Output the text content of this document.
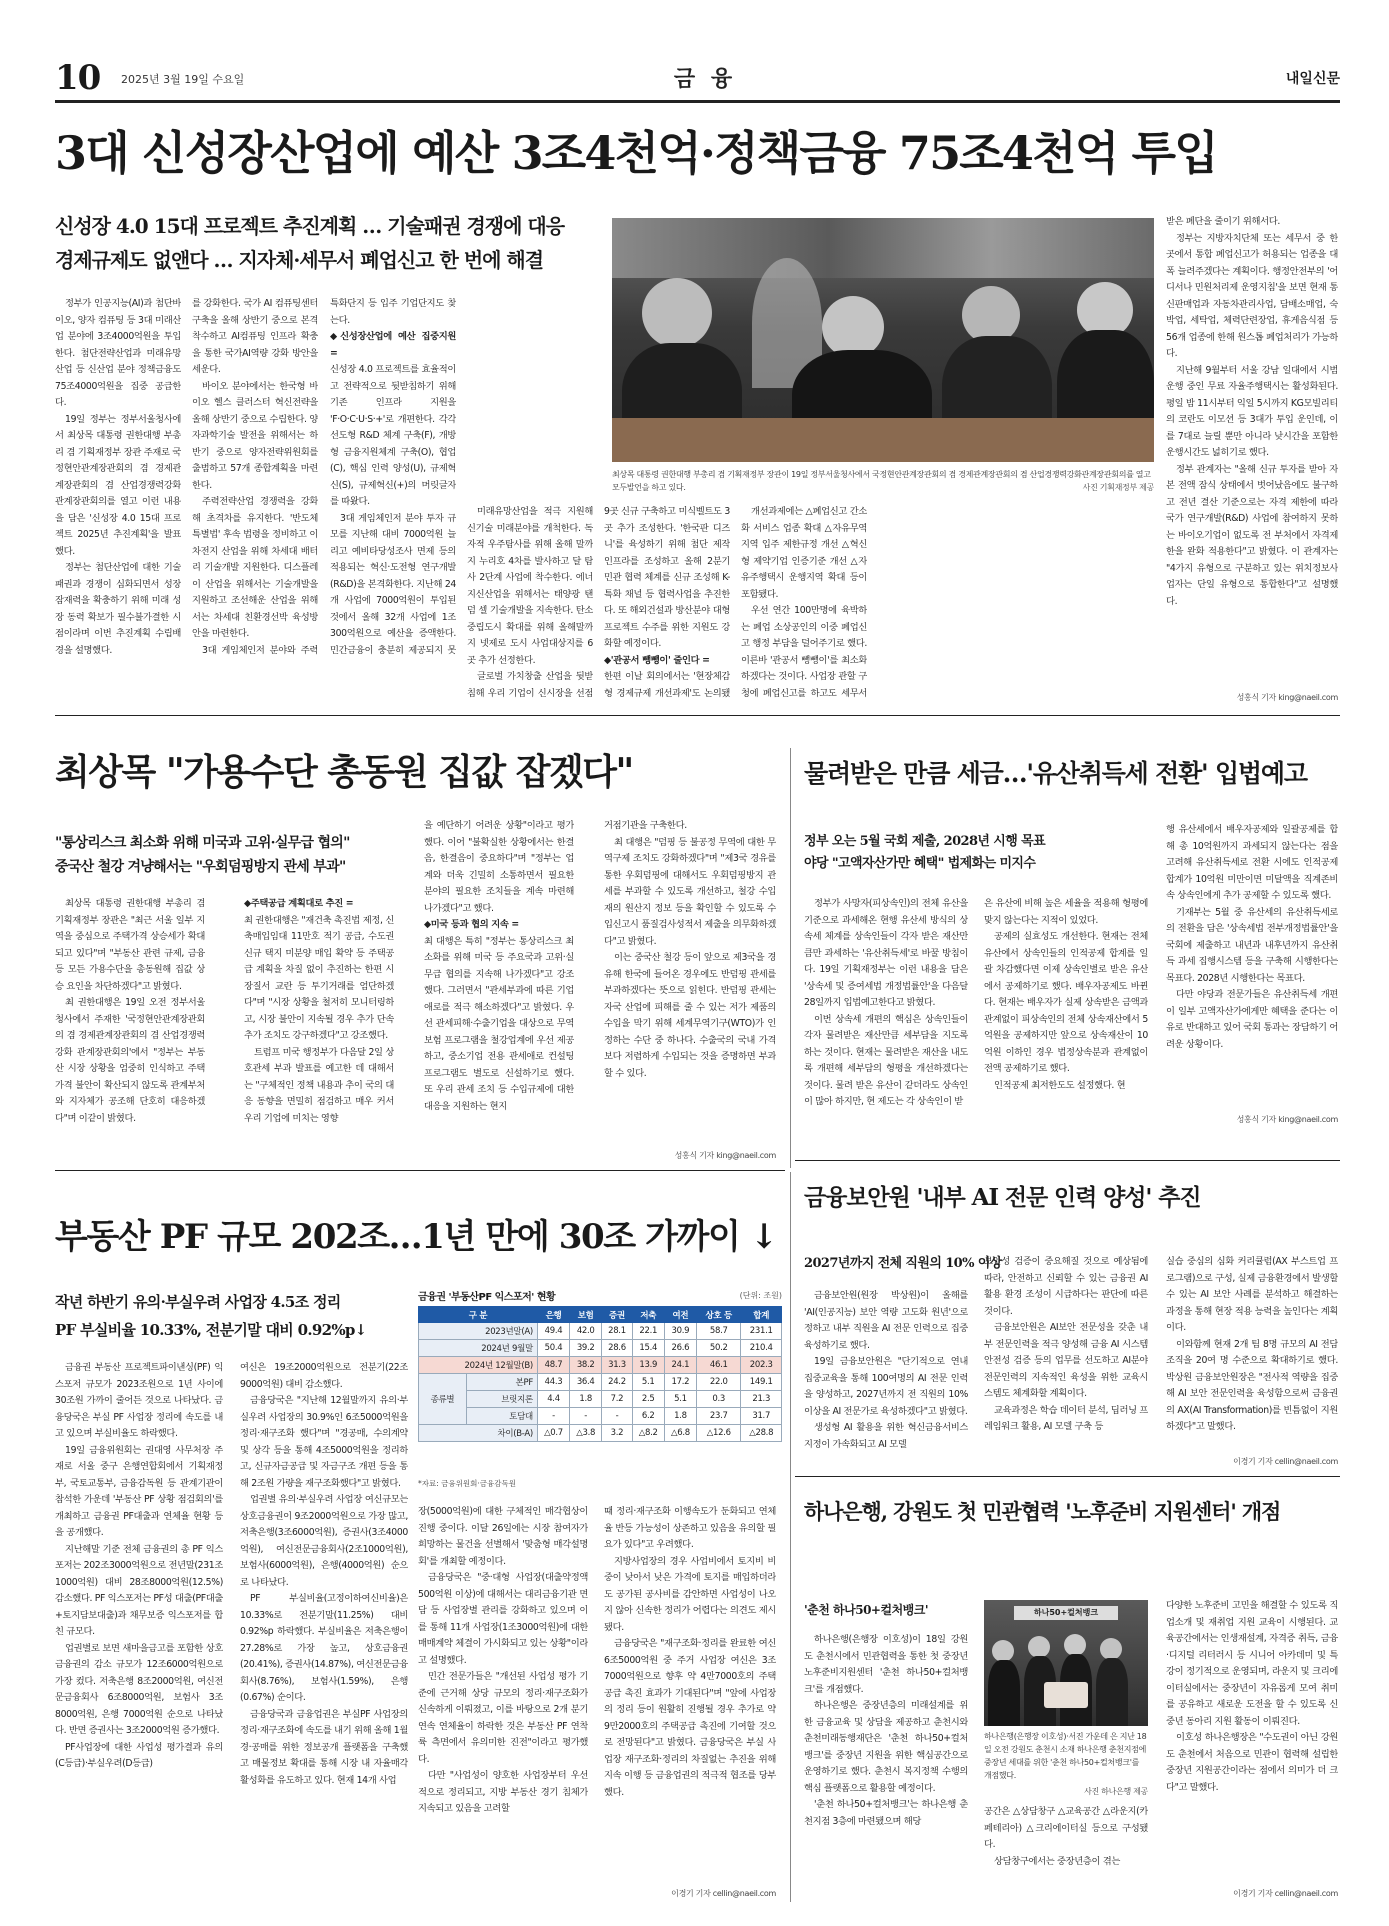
10 2025년 3월 19일 수요일	금 융	내일신문
3대 신성장산업에 예산 3조4천억·정책금융 75조4천억 투입
신성장 4.0 15대 프로젝트 추진계획 … 기술패권 경쟁에 대응
경제규제도 없앤다 … 지자체·세무서 폐업신고 한 번에 해결
최상목 대통령 권한대행 부총리 겸 기획재정부 장관이 19일 정부서울청사에서 국정현안관계장관회의 겸 경제관계장관회의 겸 산업경쟁력강화관계장관회의를 열고 모두발언을 하고 있다.	사진 기획재정부 제공

정부가 인공지능(AI)과 첨단바이오, 양자 컴퓨팅 등 3대 미래산업 분야에 3조4000억원을 투입한다. 첨단전략산업과 미래유망산업 등 신산업 분야 정책금융도 75조4000억원을 집중 공급한다.

19일 정부는 정부서울청사에서 최상목 대통령 권한대행 부총리 겸 기획재정부 장관 주재로 국정현안관계장관회의 겸 경제관계장관회의 겸 산업경쟁력강화 관계장관회의를 열고 이런 내용을 담은 '신성장 4.0 15대 프로젝트 2025년 추진계획'을 발표했다.

정부는 첨단산업에 대한 기술패권과 경쟁이 심화되면서 성장잠재력을 확충하기 위해 미래 성장 동력 확보가 필수불가결한 시점이라며 이번 추진계획 수립배경을 설명했다.

를 강화한다. 국가 AI 컴퓨팅센터 구축을 올해 상반기 중으로 본격 착수하고 AI컴퓨팅 인프라 확충을 통한 국가AI역량 강화 방안을 세운다.

바이오 분야에서는 한국형 바이오 헬스 클러스터 혁신전략을 올해 상반기 중으로 수립한다. 양자과학기술 발전을 위해서는 하반기 중으로 양자전략위원회를 출범하고 57개 종합계획을 마련한다.

주력전략산업 경쟁력을 강화해 초격차를 유지한다. '반도체 특별법' 후속 법령을 정비하고 이차전지 산업을 위해 차세대 배터리 기술개발 지원한다. 디스플레이 산업을 위해서는 기술개발을 지원하고 조선해운 산업을 위해서는 차세대 친환경선박 육성방안을 마련한다.

3대 게임체인저 분야와 주력

특화단지 등 입주 기업단지도 찾는다.

◆신성장산업에 예산 집중지원 =

신성장 4.0 프로젝트를 효율적이고 전략적으로 뒷받침하기 위해 기존 인프라 지원을 'F·O·C·U·S·+'로 개편한다. 각각 선도형 R&D 체계 구축(F), 개방형 금융지원체계 구축(O), 협업(C), 핵심 인력 양성(U), 규제혁신(S), 규제혁신(+)의 머릿글자를 따왔다.

3대 게임체인저 분야 투자 규모를 지난해 대비 7000억원 늘리고 예비타당성조사 면제 등의 적용되는 혁신·도전형 연구개발(R&D)을 본격화한다. 지난해 24개 사업에 7000억원이 투입된 것에서 올해 32개 사업에 1조300억원으로 예산을 증액한다. 민간금융이 충분히 제공되지 못

미래유망산업을 적극 지원해 신기술 미래분야를 개척한다. 독자적 우주탐사를 위해 올해 말까지 누리호 4차를 발사하고 달 탐사 2단계 사업에 착수한다. 에너지신산업을 위해서는 태양광 탠덤 셀 기술개발을 지속한다. 탄소중립도시 확대를 위해 올해말까지 넷제로 도시 사업대상지를 6곳 추가 선정한다.

글로벌 가치창출 산업을 뒷받침해 우리 기업이 신시장을 선점

9곳 신규 구축하고 미식벨트도 3곳 추가 조성한다. '한국판 디즈니'를 육성하기 위해 첨단 제작 인프라를 조성하고 올해 2분기 민관 협력 체계를 신규 조성해 K-특화 채널 등 협력사업을 추진한다. 또 해외건설과 방산분야 대형 프로젝트 수주를 위한 지원도 강화할 예정이다.

◆'관공서 뺑뺑이' 줄인다 =

한편 이날 회의에서는 '현장체감형 경제규제 개선과제'도 논의됐

개선과제에는 △폐업신고 간소화 서비스 업종 확대 △자유무역지역 입주 제한규정 개선 △혁신형 제약기업 인증기준 개선 △자유주행택시 운행지역 확대 등이 포함됐다.

우선 연간 100만명에 육박하는 폐업 소상공인의 이중 폐업신고 행정 부담을 덜어주기로 했다. 이른바 '관공서 뺑뺑이'를 최소화하겠다는 것이다. 사업장 관할 구청에 폐업신고를 하고도 세무서

받은 폐단을 줄이기 위해서다.

정부는 지방자치단체 또는 세무서 중 한 곳에서 통합 폐업신고가 허용되는 업종을 대폭 늘려주겠다는 계획이다. 행정안전부의 '어디서나 민원처리제 운영지침'을 보면 현재 통신판매업과 자동차관리사업, 담배소매업, 숙박업, 세탁업, 체력단련장업, 휴게음식점 등 56개 업종에 한해 원스톱 폐업처리가 가능하다.

지난해 9월부터 서울 강남 일대에서 시범 운행 중인 무료 자율주행택시는 활성화된다. 평일 밤 11시부터 익일 5시까지 KG모빌리티의 코란도 이모션 등 3대가 투입 운인데, 이를 7대로 늘릴 뿐만 아니라 낮시간을 포함한 운행시간도 넓히기로 했다.

정부 관계자는 "올해 신규 투자를 받아 자본 전액 잠식 상태에서 벗어났음에도 불구하고 전년 결산 기준으로는 자격 제한에 따라 국가 연구개발(R&D) 사업에 참여하지 못하는 바이오기업이 없도록 전 부처에서 자격제한을 완화 적용한다"고 밝혔다. 이 관계자는 "4가지 유형으로 구분하고 있는 위치정보사업자는 단일 유형으로 통합한다"고 설명했다.

성홍식 기자 king@naeil.com
최상목 "가용수단 총동원 집값 잡겠다"
"통상리스크 최소화 위해 미국과 고위·실무급 협의"
중국산 철강 겨냥해서는 "우회덤핑방지 관세 부과"

최상목 대통령 권한대행 부총리 겸 기획재정부 장관은 "최근 서울 일부 지역을 중심으로 주택가격 상승세가 확대되고 있다"며 "부동산 관련 규제, 금융 등 모든 가용수단을 총동원해 집값 상승 요인을 차단하겠다"고 밝혔다.

최 권한대행은 19일 오전 정부서울청사에서 주재한 '국정현안관계장관회의 겸 경제관계장관회의 겸 산업경쟁력강화 관계장관회의'에서 "정부는 부동산 시장 상황을 엄중히 인식하고 주택가격 불안이 확산되지 않도록 관계부처와 지자체가 공조해 단호히 대응하겠다"며 이같이 밝혔다.

◆주택공급 계획대로 추진 =

최 권한대행은 "재건축 촉진법 제정, 신축매입임대 11만호 적기 공급, 수도권 신규 택지 미분양 매입 확약 등 주택공급 계획을 차질 없이 추진하는 한편 시장질서 교란 등 투기거래를 엄단하겠다"며 "시장 상황을 철저히 모니터링하고, 시장 불안이 지속될 경우 추가 단속 추가 조치도 강구하겠다"고 강조했다.

트럼프 미국 행정부가 다음달 2일 상호관세 부과 발표를 예고한 데 대해서는 "구체적인 정책 내용과 추이 국의 대응 동향을 면밀히 점검하고 매우 커서 우리 기업에 미치는 영향

을 예단하기 어려운 상황"이라고 평가했다. 이어 "불확실한 상황에서는 한결음, 한결음이 중요하다"며 "정부는 업계와 더욱 긴밀히 소통하면서 필요한 분야의 필요한 조치들을 계속 마련해 나가겠다"고 했다.

◆미국 등과 협의 지속 =

최 대행은 특히 "정부는 통상리스크 최소화를 위해 미국 등 주요국과 고위·실무급 협의를 지속해 나가겠다"고 강조했다. 그러면서 "관세부과에 따른 기업 애로를 적극 해소하겠다"고 밝혔다. 우선 관세피해·수출기업을 대상으로 무역보험 프로그램을 철강업계에 우선 제공하고, 중소기업 전용 관세애로 컨설팅 프로그램도 별도로 신설하기로 했다. 또 우리 관세 조치 등 수입규제에 대한 대응을 지원하는 현지

거점기관을 구축한다.

최 대행은 "덤핑 등 불공정 무역에 대한 무역구제 조치도 강화하겠다"며 "제3국 경유를 통한 우회덤핑에 대해서도 우회덤핑방지 관세를 부과할 수 있도록 개선하고, 철강 수입재의 원산지 정보 등을 확인할 수 있도록 수입신고시 품질검사성적서 제출을 의무화하겠다"고 밝혔다.

이는 중국산 철강 등이 앞으로 제3국을 경유해 한국에 들어온 경우에도 반덤핑 관세를 부과하겠다는 뜻으로 읽힌다. 반덤핑 관세는 자국 산업에 피해를 줄 수 있는 저가 제품의 수입을 막기 위해 세계무역기구(WTO)가 인정하는 수단 중 하나다. 수출국의 국내 가격보다 저렴하게 수입되는 것을 증명하면 부과할 수 있다.

성홍식 기자 king@naeil.com
물려받은 만큼 세금…'유산취득세 전환' 입법예고
정부 오는 5월 국회 제출, 2028년 시행 목표
야당 "고액자산가만 혜택" 법제화는 미지수

정부가 사망자(피상속인)의 전체 유산을 기준으로 과세해온 현행 유산세 방식의 상속세 체계를 상속인들이 각자 받은 재산만큼만 과세하는 '유산취득세'로 바꿀 방침이다. 19일 기획재정부는 이런 내용을 담은 '상속세 및 증여세법 개정법률안'을 다음달 28일까지 입법예고한다고 밝혔다.

이번 상속세 개편의 핵심은 상속인들이 각자 물려받은 재산만큼 세부담을 지도록 하는 것이다. 현재는 물려받은 재산을 내도록 개편해 세부담의 형평을 개선하겠다는 것이다. 물려 받은 유산이 같더라도 상속인이 많아 하지만, 현 제도는 각 상속인이 받

은 유산에 비해 높은 세율을 적용해 형평에 맞지 않는다는 지적이 있었다.

공제의 실효성도 개선한다. 현재는 전체 유산에서 상속인들의 인적공제 합계를 일괄 차감했다면 이제 상속인별로 받은 유산에서 공제하기로 했다. 배우자공제도 바뀐다. 현재는 배우자가 실제 상속받은 금액과 관계없이 피상속인의 전체 상속재산에서 5억원을 공제하지만 앞으로 상속재산이 10억원 이하인 경우 법정상속분과 관계없이 전액 공제하기로 했다.

인적공제 최저한도도 설정했다. 현

행 유산세에서 배우자공제와 일괄공제를 합해 총 10억원까지 과세되지 않는다는 점을 고려해 유산취득세로 전환 시에도 인적공제 합계가 10억원 미만이면 미달액을 직계존비속 상속인에게 추가 공제할 수 있도록 했다.

기재부는 5월 중 유산세의 유산취득세로의 전환을 담은 '상속세법 전부개정법률안'을 국회에 제출하고 내년과 내후년까지 유산취득 과세 집행시스템 등을 구축해 시행한다는 목표다. 2028년 시행한다는 목표다.

다만 야당과 전문가들은 유산취득세 개편이 일부 고액자산가에게만 혜택을 준다는 이유로 반대하고 있어 국회 통과는 장담하기 어려운 상황이다.

성홍식 기자 king@naeil.com
부동산 PF 규모 202조…1년 만에 30조 가까이 ↓
작년 하반기 유의·부실우려 사업장 4.5조 정리
PF 부실비율 10.33%, 전분기말 대비 0.92%p↓
금융권 '부동산PF 익스포저' 현황	(단위: 조원)
구 분		은행	보험	증권	저축	여전	상호 등	합계
2023년말(A)		49.4	42.0	28.1	22.1	30.9	58.7	231.1
2024년 9월말		50.4	39.2	28.6	15.4	26.6	50.2	210.4
2024년 12월말(B)		48.7	38.2	31.3	13.9	24.1	46.1	202.3
종류별	본PF	44.3	36.4	24.2	5.1	17.2	22.0	149.1
	브릿지론	4.4	1.8	7.2	2.5	5.1	0.3	21.3
	토담대	-	-	-	6.2	1.8	23.7	31.7
차이(B-A)		△0.7	△3.8	3.2	△8.2	△6.8	△12.6	△28.8
*자료: 금융위원회·금융감독원

금융권 부동산 프로젝트파이낸싱(PF) 익스포저 규모가 2023조원으로 1년 사이에 30조원 가까이 줄어든 것으로 나타났다. 금융당국은 부실 PF 사업장 정리에 속도를 내고 있으며 부실비율도 하락했다.

19일 금융위원회는 권대영 사무처장 주재로 서울 중구 은행연합회에서 기획재정부, 국토교통부, 금융감독원 등 관계기관이 참석한 가운데 '부동산 PF 상황 점검회의'를 개최하고 금융권 PF대출과 연체율 현황 등을 공개했다.

지난해말 기준 전체 금융권의 총 PF 익스포저는 202조3000억원으로 전년말(231조1000억원) 대비 28조8000억원(12.5%) 감소했다. PF 익스포저는 PF성 대출(PF대출+토지담보대출)과 채무보증 익스포저를 합친 규모다.

업권별로 보면 새마을금고를 포함한 상호금융권의 감소 규모가 12조6000억원으로 가장 컸다. 저축은행 8조2000억원, 여신전문금융회사 6조8000억원, 보험사 3조8000억원, 은행 7000억원 순으로 나타났다. 반면 증권사는 3조2000억원 증가했다.

PF사업장에 대한 사업성 평가결과 유의(C등급)·부실우려(D등급)

여신은 19조2000억원으로 전분기(22조9000억원) 대비 감소했다.

금융당국은 "지난해 12월말까지 유의·부실우려 사업장의 30.9%인 6조5000억원을 정리·재구조화 했다"며 "경공매, 수의계약 및 상각 등을 통해 4조5000억원을 정리하고, 신규자금공급 및 자금구조 개편 등을 통해 2조원 가량을 재구조화했다"고 밝혔다.

업권별 유의·부실우려 사업장 여신규모는 상호금융권이 9조2000억원으로 가장 많고, 저축은행(3조6000억원), 증권사(3조4000억원), 여신전문금융회사(2조1000억원), 보험사(6000억원), 은행(4000억원) 순으로 나타났다.

PF 부실비율(고정이하여신비율)은 10.33%로 전분기말(11.25%) 대비 0.92%p 하락했다. 부실비율은 저축은행이 27.28%로 가장 높고, 상호금융권(20.41%), 증권사(14.87%), 여신전문금융회사(8.76%), 보험사(1.59%), 은행(0.67%) 순이다.

금융당국과 금융업권은 부실PF 사업장의 정리·재구조화에 속도를 내기 위해 올해 1월 경·공매를 위한 정보공개 플랫폼을 구축했고 매물정보 확대를 통해 시장 내 자율매각 활성화를 유도하고 있다. 현재 14개 사업

장(5000억원)에 대한 구체적인 매각협상이 진행 중이다. 이달 26일에는 시장 참여자가 희망하는 물건을 선별해서 '맞춤형 매각설명회'를 개최할 예정이다.

금융당국은 "중·대형 사업장(대출약정액 500억원 이상)에 대해서는 대리금융기관 면담 등 사업장별 관리를 강화하고 있으며 이를 통해 11개 사업장(1조3000억원)에 대한 매매계약 체결이 가시화되고 있는 상황"이라고 설명했다.

민간 전문가들은 "개선된 사업성 평가 기준에 근거해 상당 규모의 정리·재구조화가 신속하게 이뤄졌고, 이를 바탕으로 2개 분기 연속 연체율이 하락한 것은 부동산 PF 연착륙 측면에서 유의미한 진전"이라고 평가했다.

다만 "사업성이 양호한 사업장부터 우선적으로 정리되고, 지방 부동산 경기 침체가 지속되고 있음을 고려할

때 정리·재구조화 이행속도가 둔화되고 연체율 반등 가능성이 상존하고 있음을 유의할 필요가 있다"고 우려했다.

지방사업장의 경우 사업비에서 토지비 비중이 낮아서 낮은 가격에 토지를 매입하더라도 공가된 공사비를 감안하면 사업성이 나오지 않아 신속한 정리가 어렵다는 의견도 제시됐다.

금융당국은 "재구조화·정리를 완료한 여신 6조5000억원 중 주거 사업장 여신은 3조7000억원으로 향후 약 4만7000호의 주택공급 촉진 효과가 기대된다"며 "앞에 사업장의 정리 등이 원활히 진행될 경우 추가로 약 9만2000호의 주택공급 촉진에 기여할 것으로 전망된다"고 밝혔다. 금융당국은 부실 사업장 재구조화·정리의 차질없는 추진을 위해 지속 이행 등 금융업권의 적극적 협조를 당부했다.

이경기 기자 cellin@naeil.com
금융보안원 '내부 AI 전문 인력 양성' 추진
2027년까지 전체 직원의 10% 이상

금융보안원(원장 박상원)이 올해를 'AI(인공지능) 보안 역량 고도화 원년'으로 정하고 내부 직원을 AI 전문 인력으로 집중 육성하기로 했다.

19일 금융보안원은 "단기적으로 연내 집중교육을 통해 100여명의 AI 전문 인력을 양성하고, 2027년까지 전 직원의 10% 이상을 AI 전문가로 육성하겠다"고 밝혔다.

생성형 AI 활용을 위한 혁신금융서비스 지정이 가속화되고 AI 모델

보안성 검증이 중요해질 것으로 예상됨에 따라, 안전하고 신뢰할 수 있는 금융권 AI 활용 환경 조성이 시급하다는 판단에 따른 것이다.

금융보안원은 AI보안 전문성을 갖춘 내부 전문인력을 적극 양성해 금융 AI 시스템 안전성 검증 등의 업무를 선도하고 AI분야 전문인력의 지속적인 육성을 위한 교육시스템도 체계화할 계획이다.

교육과정은 학습 데이터 분석, 딥러닝 프레임워크 활용, AI 모델 구축 등

실습 중심의 심화 커리큘럼(AX 부스트업 프로그램)으로 구성, 실제 금융환경에서 발생할 수 있는 AI 보안 사례를 분석하고 해결하는 과정을 통해 현장 적용 능력을 높인다는 계획이다.

이와함께 현재 2개 팀 8명 규모의 AI 전담 조직을 20여 명 수준으로 확대하기로 했다. 박상원 금융보안원장은 "전사적 역량을 집중해 AI 보안 전문인력을 육성함으로써 금융권의 AX(AI Transformation)를 빈틈없이 지원하겠다"고 말했다.

이경기 기자 cellin@naeil.com
하나은행, 강원도 첫 민관협력 '노후준비 지원센터' 개점
'춘천 하나50+컬처뱅크'

하나은행(은행장 이호성)이 18일 강원도 춘천시에서 민관협력을 통한 첫 중장년 노후준비지원센터 '춘천 하나50+컬처뱅크'를 개점했다.

하나은행은 중장년층의 미래설계를 위한 금융교육 및 상담을 제공하고 춘천시와 춘천미래동행재단은 '춘천 하나50+컬처뱅크'를 중장년 지원을 위한 핵심공간으로 운영하기로 했다. 춘천시 복지정책 수행의 핵심 플랫폼으로 활용할 예정이다.

'춘천 하나50+컬처뱅크'는 하나은행 춘천지점 3층에 마련됐으며 해당

하나50+컬처뱅크
하나은행(은행장 이호성)·서진 가운데 은 지난 18일 오전 강원도 춘천시 소재 하나은행 춘천지점에 중장년 세대를 위한 '춘천 하나50+컬처뱅크'를 개점했다.
사진 하나은행 제공

공간은 △상담창구 △교육공간 △라운지(카페테리아) △크리에이터실 등으로 구성됐다.

상담창구에서는 중장년층이 겪는

다양한 노후준비 고민을 해결할 수 있도록 직업소개 및 재취업 지원 교육이 시행된다. 교육공간에서는 인생재설계, 자격증 취득, 금융·디지털 리터러시 등 시니어 아카데미 및 특강이 정기적으로 운영되며, 라운지 및 크리에이터실에서는 중장년이 자유롭게 모여 취미를 공유하고 새로운 도전을 할 수 있도록 신중년 동아리 지원 활동이 이뤄진다.

이호성 하나은행장은 "수도권이 아닌 강원도 춘천에서 처음으로 민관이 협력해 설립한 중장년 지원공간이라는 점에서 의미가 더 크다"고 말했다.

이경기 기자 cellin@naeil.com
